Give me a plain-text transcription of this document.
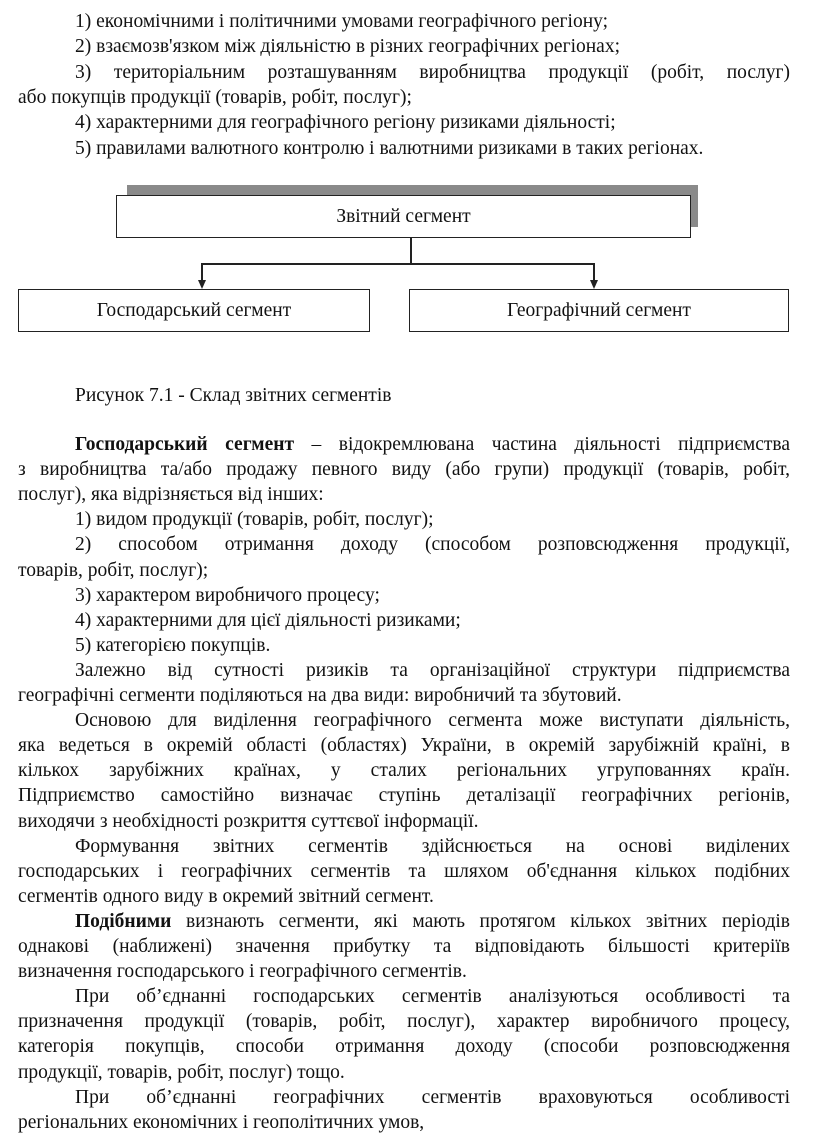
1) економічними і політичними умовами географічного регіону;
2) взаємозв'язком між діяльністю в різних географічних регіонах;
3) територіальним розташуванням виробництва продукції (робіт, послуг)
або покупців продукції (товарів, робіт, послуг);
4) характерними для географічного регіону ризиками діяльності;
5) правилами валютного контролю і валютними ризиками в таких регіонах.
Звітний сегмент
Господарський сегмент	Географічний сегмент
Рисунок 7.1 - Склад звітних сегментів
Господарський сегмент – відокремлювана частина діяльності підприємства
з виробництва та/або продажу певного виду (або групи) продукції (товарів, робіт,
послуг), яка відрізняється від інших:
1) видом продукції (товарів, робіт, послуг);
2) способом отримання доходу (способом розповсюдження продукції,
товарів, робіт, послуг);
3) характером виробничого процесу;
4) характерними для цієї діяльності ризиками;
5) категорією покупців.
Залежно від сутності ризиків та організаційної структури підприємства
географічні сегменти поділяються на два види: виробничий та збутовий.
Основою для виділення географічного сегмента може виступати діяльність,
яка ведеться в окремій області (областях) України, в окремій зарубіжній країні, в
кількох зарубіжних країнах, у сталих регіональних угрупованнях країн.
Підприємство самостійно визначає ступінь деталізації географічних регіонів,
виходячи з необхідності розкриття суттєвої інформації.
Формування звітних сегментів здійснюється на основі виділених
господарських і географічних сегментів та шляхом об'єднання кількох подібних
сегментів одного виду в окремий звітний сегмент.
Подібними визнають сегменти, які мають протягом кількох звітних періодів
однакові (наближені) значення прибутку та відповідають більшості критеріїв
визначення господарського і географічного сегментів.
При об’єднанні господарських сегментів аналізуються особливості та
призначення продукції (товарів, робіт, послуг), характер виробничого процесу,
категорія покупців, способи отримання доходу (способи розповсюдження
продукції, товарів, робіт, послуг) тощо.
При об’єднанні географічних сегментів враховуються особливості
регіональних економічних і геополітичних умов,
